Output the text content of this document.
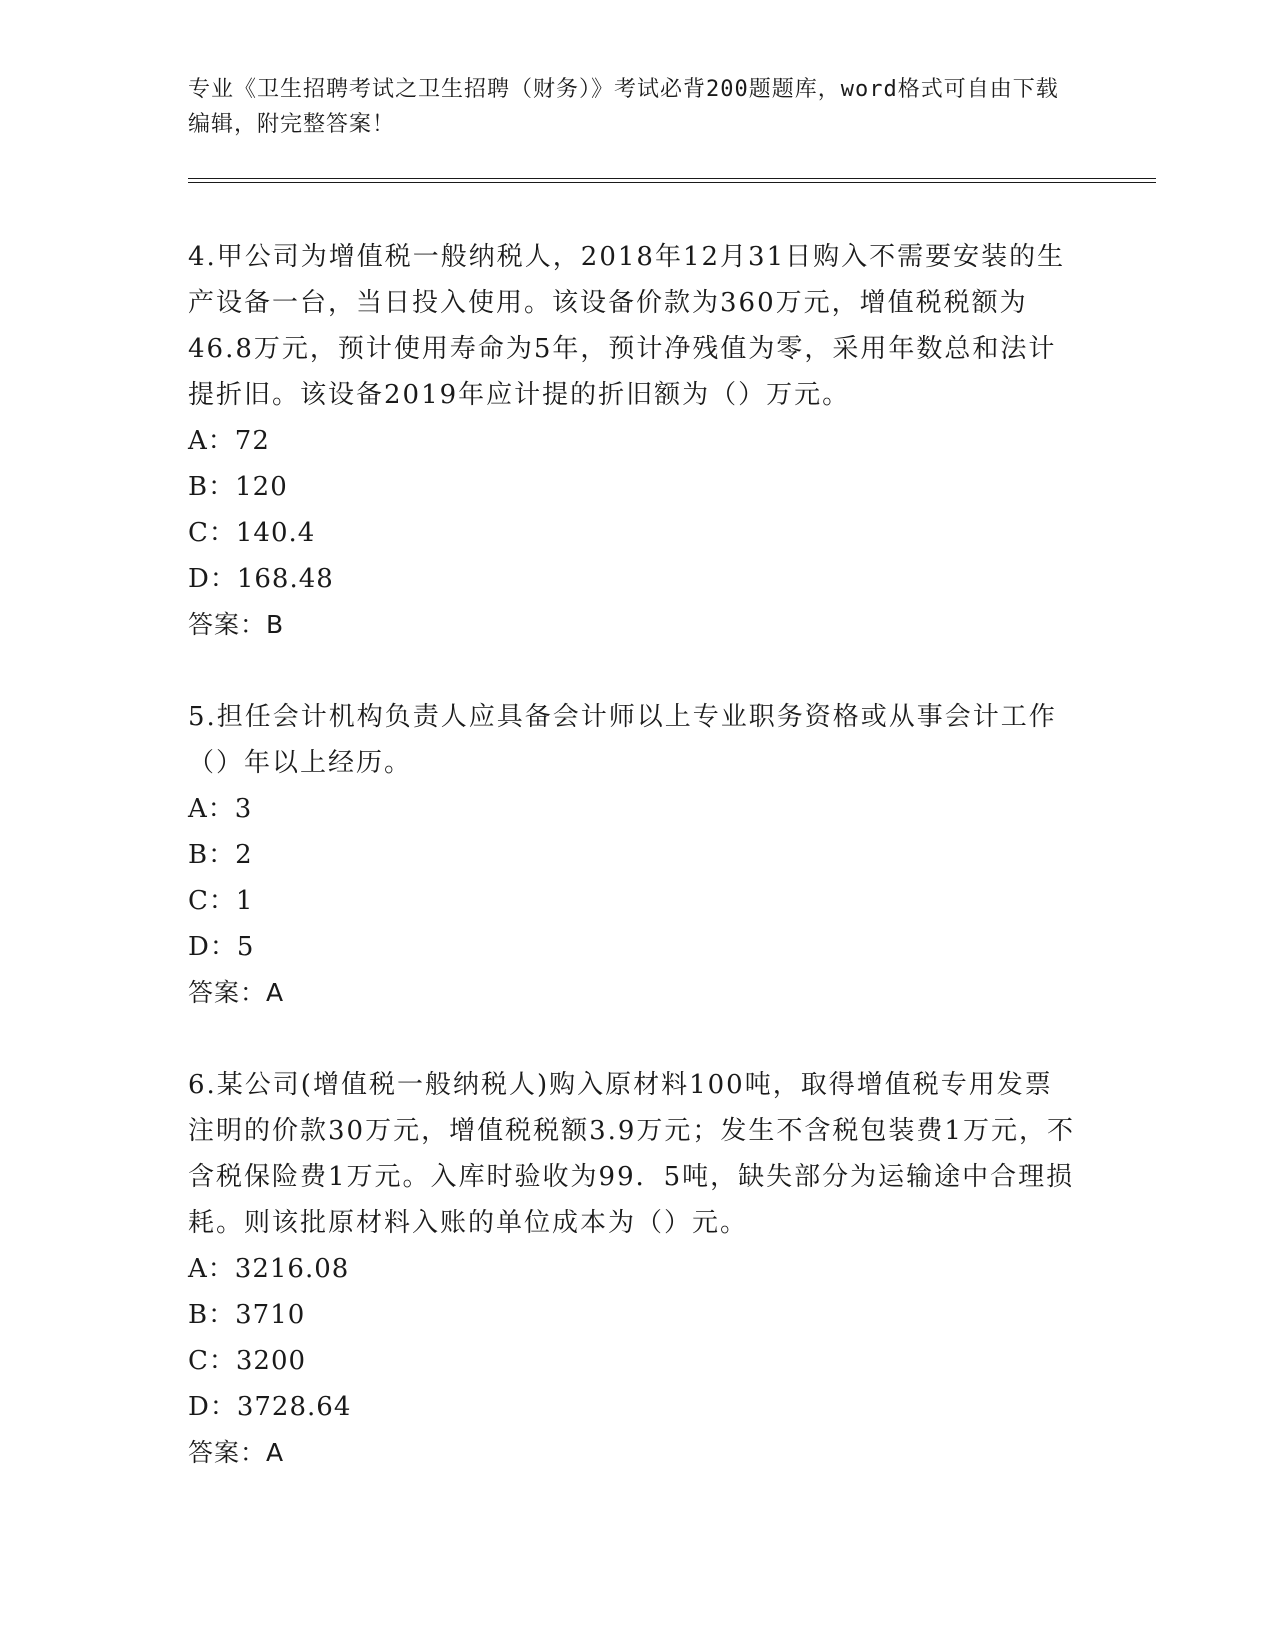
专业《卫生招聘考试之卫生招聘（财务）》考试必背200题题库，word格式可自由下载编辑，附完整答案！
4.甲公司为增值税一般纳税人，2018年12月31日购入不需要安装的生产设备一台，当日投入使用。该设备价款为360万元，增值税税额为46.8万元，预计使用寿命为5年，预计净残值为零，采用年数总和法计提折旧。该设备2019年应计提的折旧额为（）万元。
A：72
B：120
C：140.4
D：168.48
答案：B
5.担任会计机构负责人应具备会计师以上专业职务资格或从事会计工作（）年以上经历。
A：3
B：2
C：1
D：5
答案：A
6.某公司(增值税一般纳税人)购入原材料100吨，取得增值税专用发票注明的价款30万元，增值税税额3.9万元；发生不含税包装费1万元，不含税保险费1万元。入库时验收为99．5吨，缺失部分为运输途中合理损耗。则该批原材料入账的单位成本为（）元。
A：3216.08
B：3710
C：3200
D：3728.64
答案：A
